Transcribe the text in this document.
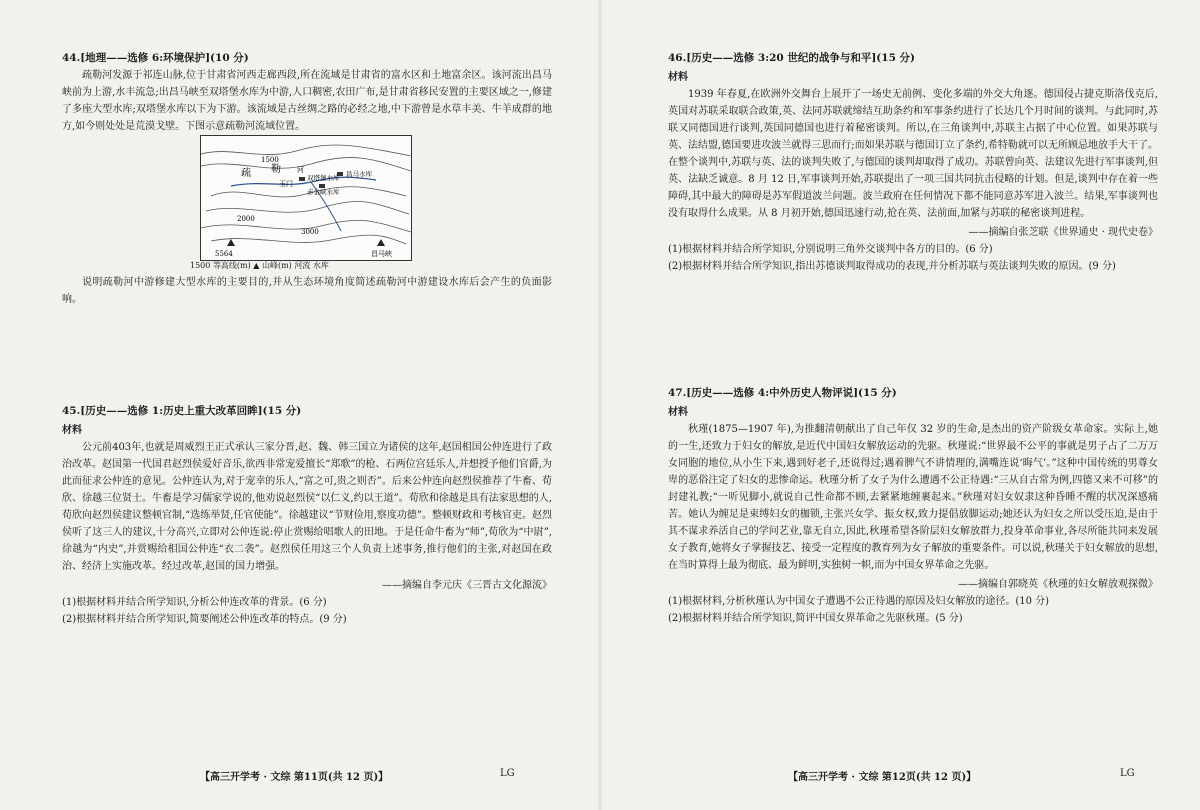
44.[地理——选修 6:环境保护](10 分)
疏勒河发源于祁连山脉,位于甘肃省河西走廊西段,所在流域是甘肃省的富水区和土地富余区。该河流出昌马峡前为上游,水丰流急;出昌马峡至双塔堡水库为中游,人口稠密,农田广布,是甘肃省移民安置的主要区域之一,修建了多座大型水库;双塔堡水库以下为下游。该流域是古丝绸之路的必经之地,中下游曾是水草丰美、牛羊成群的地方,如今则处处是荒漠戈壁。下图示意疏勒河流域位置。
1500
疏 勒 河
玉门
双塔堡水库
赤金峡水库
昌马水库
2000
3000
5564	昌马峡
1500 等高线(m) ▲ 山峰(m) 河流 水库
说明疏勒河中游修建大型水库的主要目的,并从生态环境角度简述疏勒河中游建设水库后会产生的负面影响。
45.[历史——选修 1:历史上重大改革回眸](15 分)
材料
公元前403年,也就是周威烈王正式承认三家分晋,赵、魏、韩三国立为诸侯的这年,赵国相国公仲连进行了政治改革。赵国第一代国君赵烈侯爱好音乐,欲西非常宠爱擅长“郑歌”的枪、石两位宫廷乐人,并想授予他们官爵,为此而征求公仲连的意见。公仲连认为,对于宠幸的乐人,“富之可,贵之则否”。后来公仲连向赵烈侯推荐了牛畜、荀欣、徐越三位贤士。牛畜是学习儒家学说的,他劝说赵烈侯“以仁义,约以王道”。荀欣和徐越是具有法家思想的人,荀欣向赵烈侯建议整顿官制,“选练举贤,任官使能”。徐越建议“节财俭用,察度功德”。整顿财政和考核官吏。赵烈侯听了这三人的建议,十分高兴,立即对公仲连说:停止赏赐给唱歌人的田地。于是任命牛畜为“师”,荀欣为“中尉”,徐越为“内史”,并赏赐给相国公仲连“衣二袭”。赵烈侯任用这三个人负责上述事务,推行他们的主张,对赵国在政治、经济上实施改革。经过改革,赵国的国力增强。
——摘编自李元庆《三晋古文化源流》
(1)根据材料并结合所学知识,分析公仲连改革的背景。(6 分)
(2)根据材料并结合所学知识,简要阐述公仲连改革的特点。(9 分)
【高三开学考 · 文综 第11页(共 12 页)】	LG
46.[历史——选修 3:20 世纪的战争与和平](15 分)
材料
1939 年春夏,在欧洲外交舞台上展开了一场史无前例、变化多端的外交大角逐。德国侵占捷克斯洛伐克后,英国对苏联采取联合政策,英、法同苏联就缔结互助条约和军事条约进行了长达几个月时间的谈判。与此同时,苏联又同德国进行谈判,英国同德国也进行着秘密谈判。所以,在三角谈判中,苏联主占据了中心位置。如果苏联与英、法结盟,德国要进攻波兰就得三思而行;而如果苏联与德国订立了条约,希特勒就可以无所顾忌地放手大干了。在整个谈判中,苏联与英、法的谈判失败了,与德国的谈判却取得了成功。苏联曾向英、法建议先进行军事谈判,但英、法缺乏诚意。8 月 12 日,军事谈判开始,苏联提出了一项三国共同抗击侵略的计划。但是,谈判中存在着一些障碍,其中最大的障碍是苏军假道波兰问题。波兰政府在任何情况下都不能同意苏军进入波兰。结果,军事谈判也没有取得什么成果。从 8 月初开始,德国迅速行动,抢在英、法前面,加紧与苏联的秘密谈判进程。
——摘编自张芝联《世界通史 · 现代史卷》
(1)根据材料并结合所学知识,分别说明三角外交谈判中各方的目的。(6 分)
(2)根据材料并结合所学知识,指出苏德谈判取得成功的表现,并分析苏联与英法谈判失败的原因。(9 分)
47.[历史——选修 4:中外历史人物评说](15 分)
材料
秋瑾(1875—1907 年),为推翻清朝献出了自己年仅 32 岁的生命,是杰出的资产阶级女革命家。实际上,她的一生,还致力于妇女的解放,是近代中国妇女解放运动的先驱。秋瑾说:“世界最不公平的事就是男子占了二万万女同胞的地位,从小生下来,遇到好老子,还说得过;遇着脾气不讲情理的,满嘴连说‘晦气’。”这种中国传统的男尊女卑的恶俗注定了妇女的悲惨命运。秋瑾分析了女子为什么遭遇不公正待遇:“三从自古常为例,四德又来不可移”的封建礼教;“一听见脚小,就说自己性命都不顾,去紧紧地缠裹起来。”秋瑾对妇女奴隶这种昏睡不醒的状况深感痛苦。她认为缠足是束缚妇女的枷锁,主张兴女学、振女权,致力提倡放脚运动;她还认为妇女之所以受压迫,是由于其不谋求养活自己的学问艺业,靠无自立,因此,秋瑾希望各阶层妇女解放群力,投身革命事业,各尽所能共同来发展女子教育,她将女子掌握技艺、接受一定程度的教育列为女子解放的重要条件。可以说,秋瑾关于妇女解放的思想,在当时算得上最为彻底、最为鲜明,实独树一帜,而为中国女界革命之先驱。
——摘编自郭晓英《秋瑾的妇女解放观探微》
(1)根据材料,分析秋瑾认为中国女子遭遇不公正待遇的原因及妇女解放的途径。(10 分)
(2)根据材料并结合所学知识,简评中国女界革命之先驱秋瑾。(5 分)
【高三开学考 · 文综 第12页(共 12 页)】	LG
